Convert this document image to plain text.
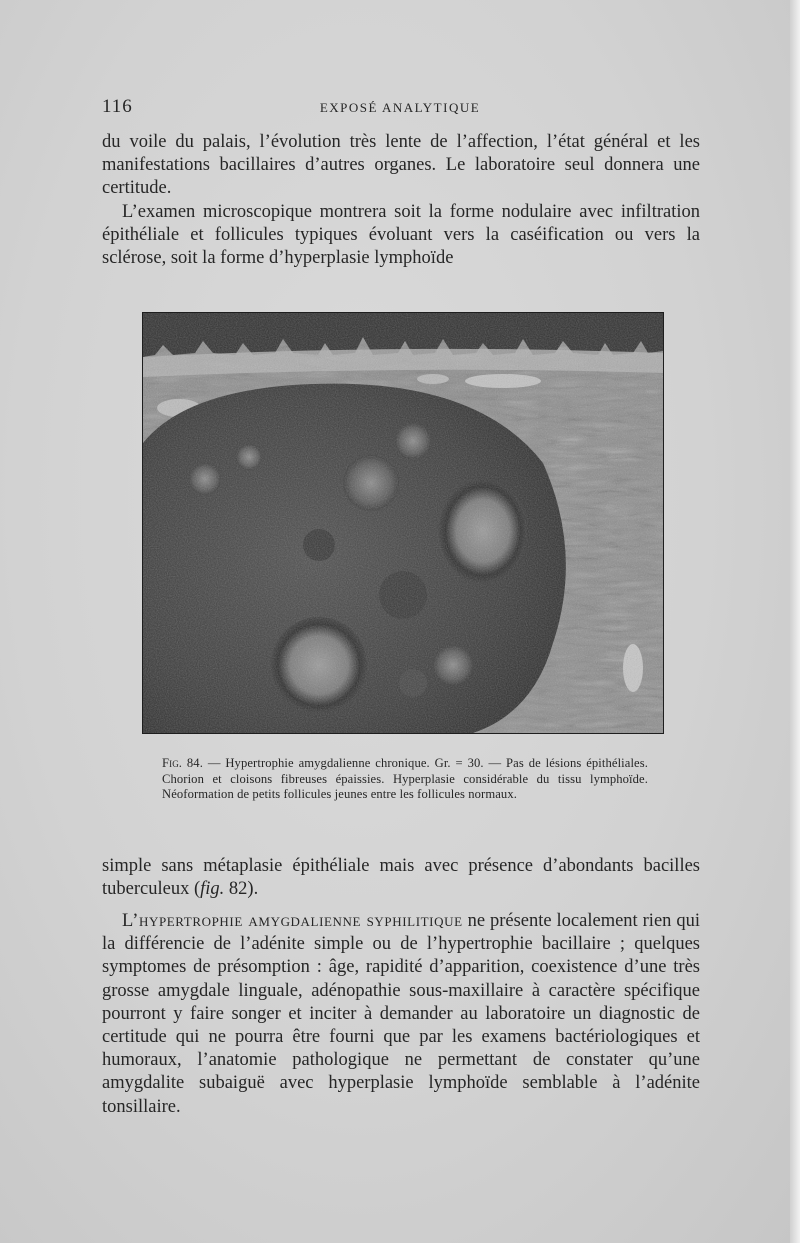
116	EXPOSÉ ANALYTIQUE

du voile du palais, l’évolution très lente de l’affection, l’état général et les manifestations bacillaires d’autres organes. Le laboratoire seul donnera une certitude.

L’examen microscopique montrera soit la forme nodulaire avec infiltration épithéliale et follicules typiques évoluant vers la caséification ou vers la sclérose, soit la forme d’hyperplasie lymphoïde

Fig. 84. — Hypertrophie amygdalienne chronique. Gr. = 30. — Pas de lésions épithéliales. Chorion et cloisons fibreuses épaissies. Hyperplasie considérable du tissu lymphoïde. Néoformation de petits follicules jeunes entre les follicules normaux.

simple sans métaplasie épithéliale mais avec présence d’abondants bacilles tuberculeux (fig. 82).

L’hypertrophie amygdalienne syphilitique ne présente localement rien qui la différencie de l’adénite simple ou de l’hypertrophie bacillaire ; quelques symptomes de présomption : âge, rapidité d’apparition, coexistence d’une très grosse amygdale linguale, adénopathie sous-maxillaire à caractère spécifique pourront y faire songer et inciter à demander au laboratoire un diagnostic de certitude qui ne pourra être fourni que par les examens bactériologiques et humoraux, l’anatomie pathologique ne permettant de constater qu’une amygdalite subaiguë avec hyperplasie lymphoïde semblable à l’adénite tonsillaire.
